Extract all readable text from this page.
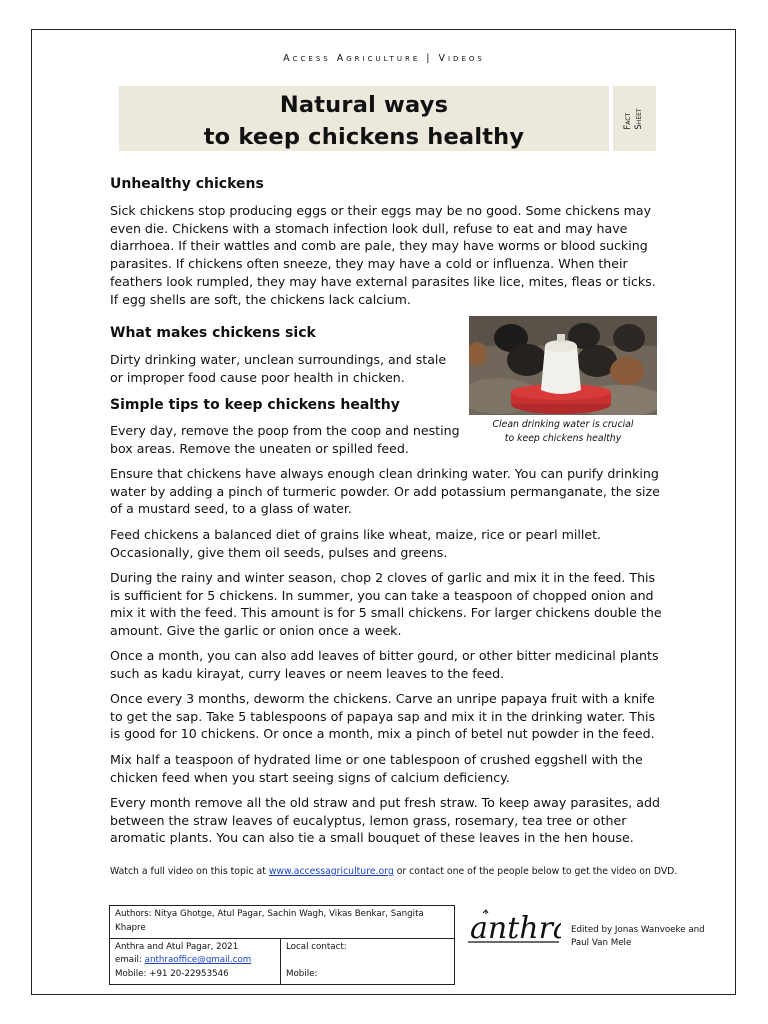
Access Agriculture | Videos
Natural ways
to keep chickens healthy
Fact Sheet
Unhealthy chickens
Sick chickens stop producing eggs or their eggs may be no good. Some chickens may
even die. Chickens with a stomach infection look dull, refuse to eat and may have
diarrhoea. If their wattles and comb are pale, they may have worms or blood sucking
parasites. If chickens often sneeze, they may have a cold or influenza. When their
feathers look rumpled, they may have external parasites like lice, mites, fleas or ticks.
If egg shells are soft, the chickens lack calcium.
What makes chickens sick
Dirty drinking water, unclean surroundings, and stale
or improper food cause poor health in chicken.
Clean drinking water is crucial
to keep chickens healthy
Simple tips to keep chickens healthy
Every day, remove the poop from the coop and nesting
box areas. Remove the uneaten or spilled feed.
Ensure that chickens have always enough clean drinking water. You can purify drinking
water by adding a pinch of turmeric powder. Or add potassium permanganate, the size
of a mustard seed, to a glass of water.
Feed chickens a balanced diet of grains like wheat, maize, rice or pearl millet.
Occasionally, give them oil seeds, pulses and greens.
During the rainy and winter season, chop 2 cloves of garlic and mix it in the feed. This
is sufficient for 5 chickens. In summer, you can take a teaspoon of chopped onion and
mix it with the feed. This amount is for 5 small chickens. For larger chickens double the
amount. Give the garlic or onion once a week.
Once a month, you can also add leaves of bitter gourd, or other bitter medicinal plants
such as kadu kirayat, curry leaves or neem leaves to the feed.
Once every 3 months, deworm the chickens. Carve an unripe papaya fruit with a knife
to get the sap. Take 5 tablespoons of papaya sap and mix it in the drinking water. This
is good for 10 chickens. Or once a month, mix a pinch of betel nut powder in the feed.
Mix half a teaspoon of hydrated lime or one tablespoon of crushed eggshell with the
chicken feed when you start seeing signs of calcium deficiency.
Every month remove all the old straw and put fresh straw. To keep away parasites, add
between the straw leaves of eucalyptus, lemon grass, rosemary, tea tree or other
aromatic plants. You can also tie a small bouquet of these leaves in the hen house.
Watch a full video on this topic at www.accessagriculture.org or contact one of the people below to get the video on DVD.
Authors: Nitya Ghotge, Atul Pagar, Sachin Wagh, Vikas Benkar, Sangita Khapre

Anthra and Atul Pagar, 2021
email: anthraoffice@gmail.com
Mobile: +91 20-22953546

Local contact:

Mobile:
anthra Edited by Jonas Wanvoeke and
Paul Van Mele
